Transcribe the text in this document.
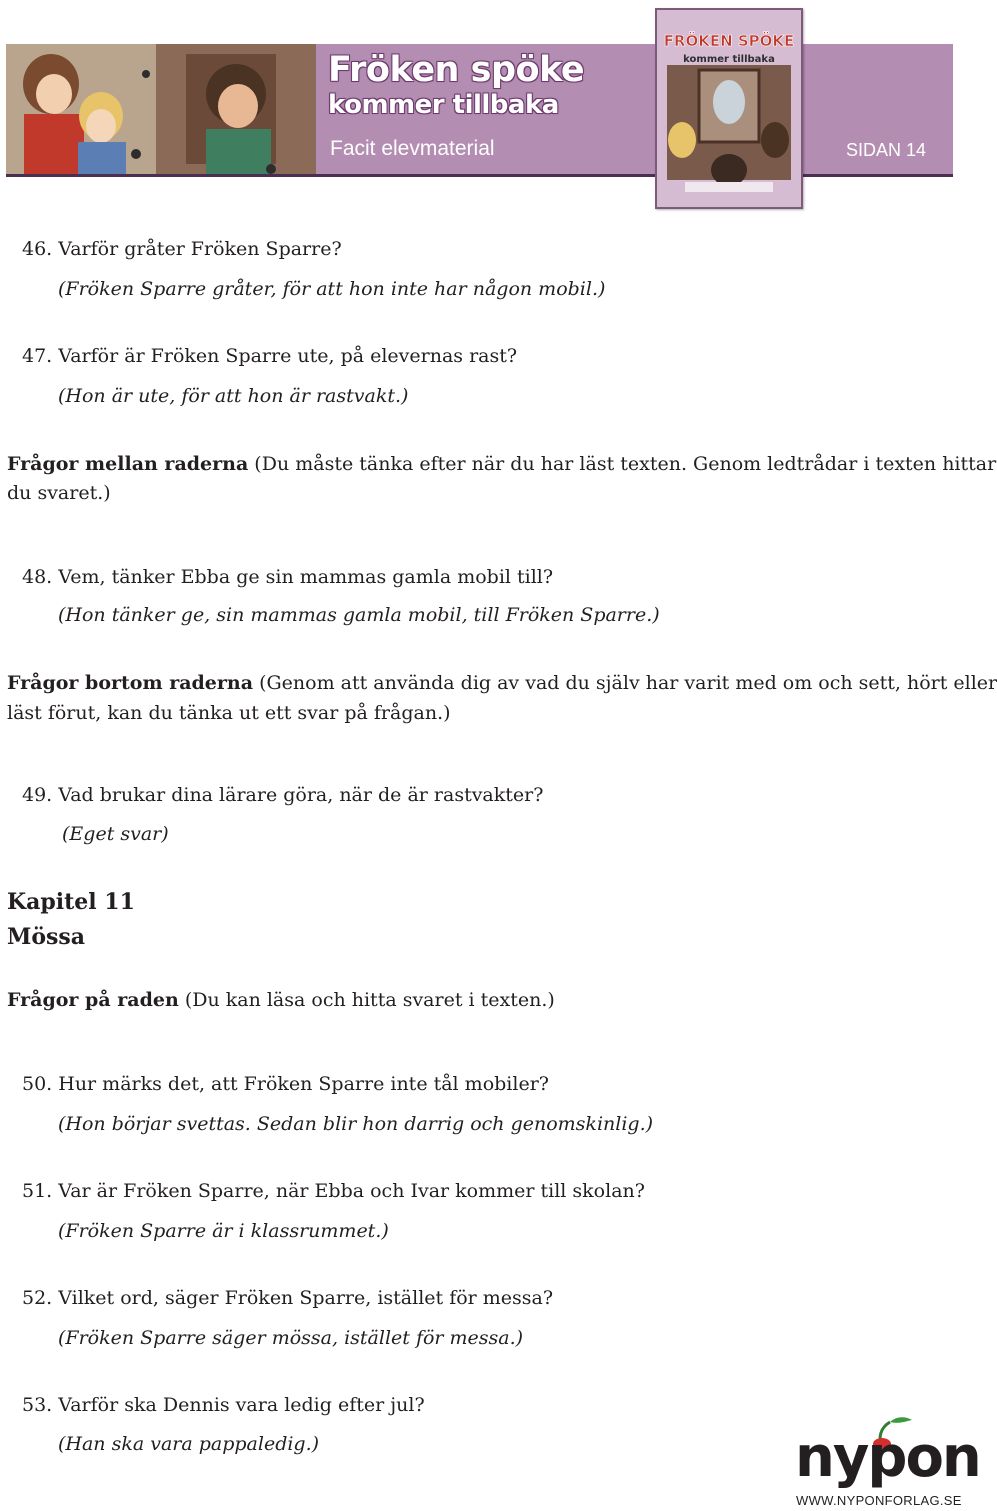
Fröken spöke
kommer tillbaka
Facit elevmaterial	SIDAN 14
FRÖKEN SPÖKE
kommer tillbaka
46. Varför gråter Fröken Sparre?
(Fröken Sparre gråter, för att hon inte har någon mobil.)
47. Varför är Fröken Sparre ute, på elevernas rast?
(Hon är ute, för att hon är rastvakt.)
Frågor mellan raderna (Du måste tänka efter när du har läst texten. Genom ledtrådar i texten hittar
du svaret.)
48. Vem, tänker Ebba ge sin mammas gamla mobil till?
(Hon tänker ge, sin mammas gamla mobil, till Fröken Sparre.)
Frågor bortom raderna (Genom att använda dig av vad du själv har varit med om och sett, hört eller
läst förut, kan du tänka ut ett svar på frågan.)
49. Vad brukar dina lärare göra, när de är rastvakter?
(Eget svar)
Kapitel 11
Mössa
Frågor på raden (Du kan läsa och hitta svaret i texten.)
50. Hur märks det, att Fröken Sparre inte tål mobiler?
(Hon börjar svettas. Sedan blir hon darrig och genomskinlig.)
51. Var är Fröken Sparre, när Ebba och Ivar kommer till skolan?
(Fröken Sparre är i klassrummet.)
52. Vilket ord, säger Fröken Sparre, istället för messa?
(Fröken Sparre säger mössa, istället för messa.)
53. Varför ska Dennis vara ledig efter jul?
(Han ska vara pappaledig.)	nypon
WWW.NYPONFORLAG.SE
